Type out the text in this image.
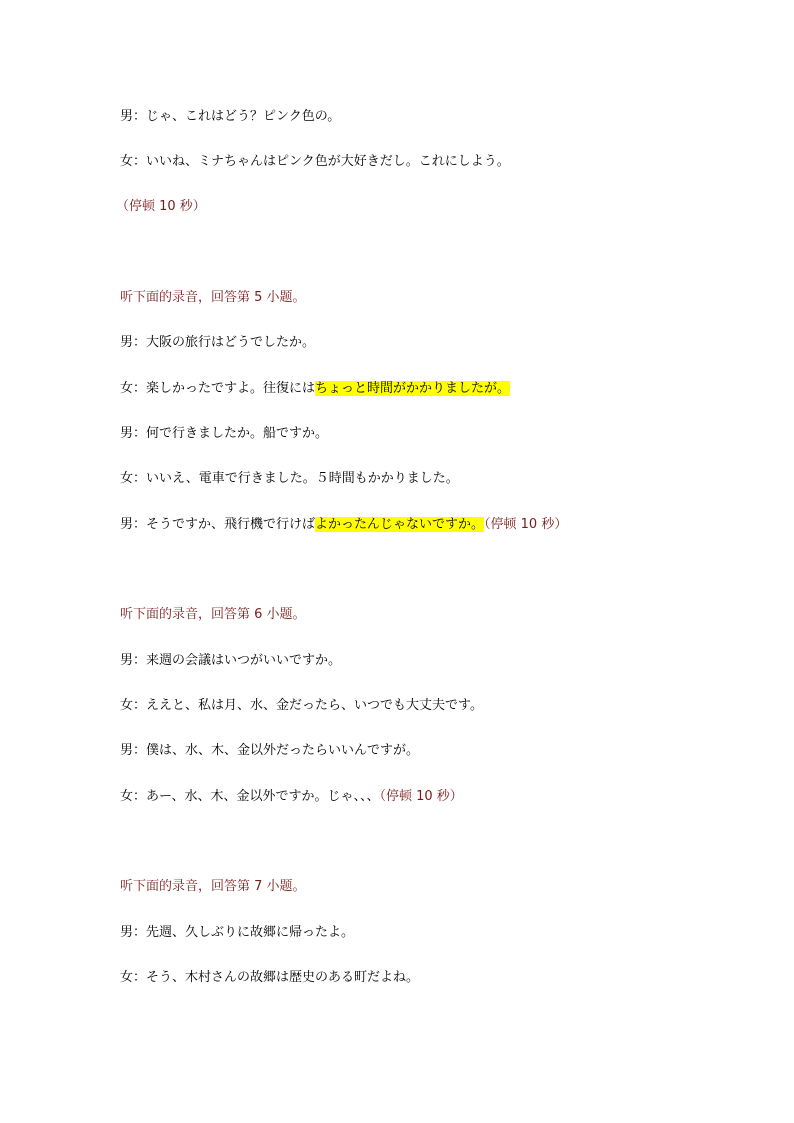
男：じゃ、これはどう？ピンク色の。
女：いいね、ミナちゃんはピンク色が大好きだし。これにしよう。
（停顿 10 秒）
听下面的录音，回答第 5 小题。
男：大阪の旅行はどうでしたか。
女：楽しかったですよ。往復にはちょっと時間がかかりましたが。
男：何で行きましたか。船ですか。
女：いいえ、電車で行きました。５時間もかかりました。
男：そうですか、飛行機で行けばよかったんじゃないですか。（停顿 10 秒）
听下面的录音，回答第 6 小题。
男：来週の会議はいつがいいですか。
女：ええと、私は月、水、金だったら、いつでも大丈夫です。
男：僕は、水、木、金以外だったらいいんですが。
女：あー、水、木、金以外ですか。じゃ、、、（停顿 10 秒）
听下面的录音，回答第 7 小题。
男：先週、久しぶりに故郷に帰ったよ。
女：そう、木村さんの故郷は歴史のある町だよね。
